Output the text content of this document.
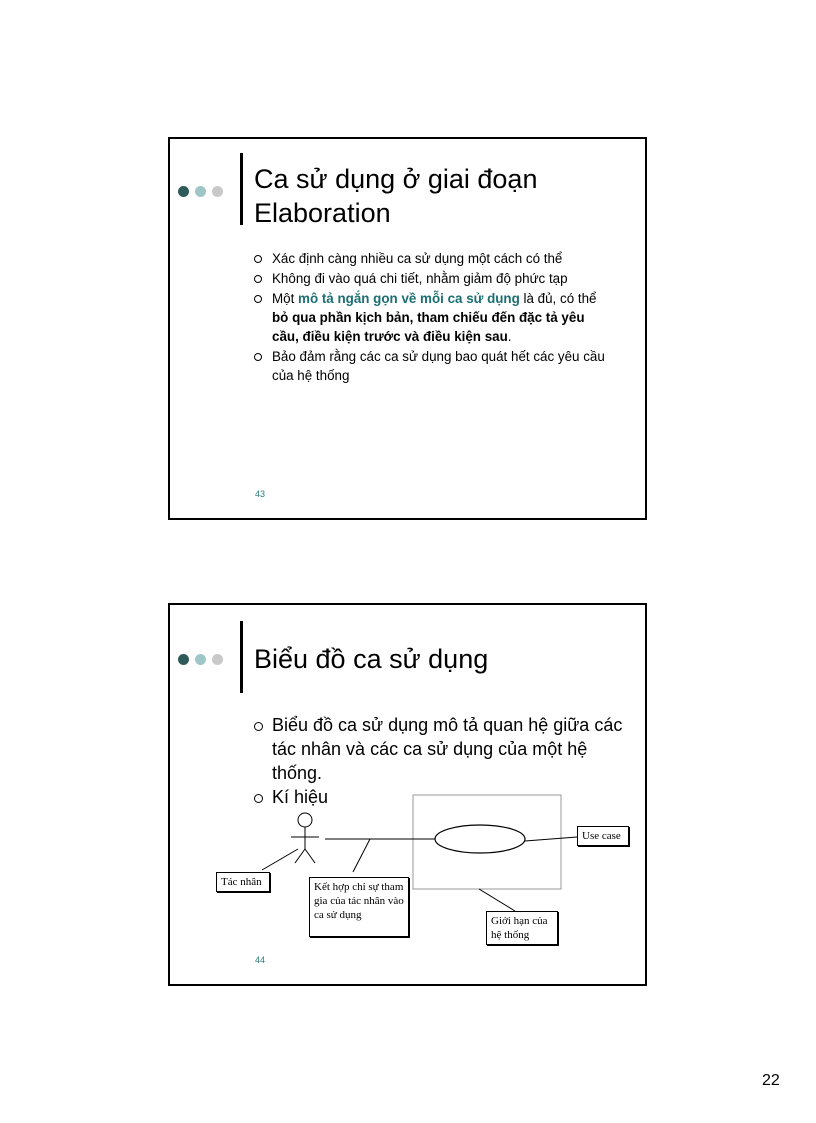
Ca sử dụng ở giai đoạn
Elaboration
Xác định càng nhiều ca sử dụng một cách có thể
Không đi vào quá chi tiết, nhằm giảm độ phức tạp
Một mô tả ngắn gọn về mỗi ca sử dụng là đủ, có thể bỏ qua phần kịch bản, tham chiếu đến đặc tả yêu cầu, điều kiện trước và điều kiện sau.
Bảo đảm rằng các ca sử dụng bao quát hết các yêu cầu của hệ thống
43
Biểu đồ ca sử dụng
Biểu đồ ca sử dụng mô tả quan hệ giữa các tác nhân và các ca sử dụng của một hệ thống.
Kí hiệu
Use case
Tác nhân	Kết hợp chỉ sự tham gia của tác nhân vào ca sử dụng	Giới hạn của hệ thống
44
22
